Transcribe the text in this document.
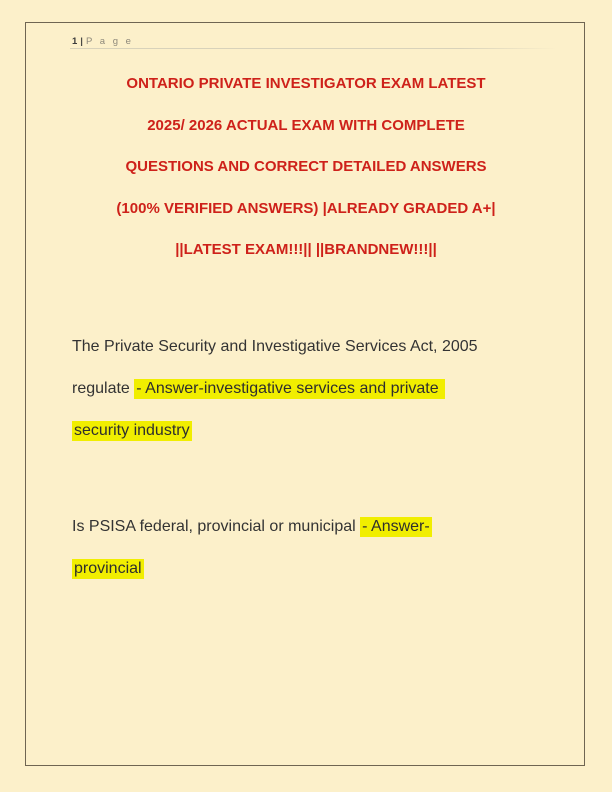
1 | P a g e
ONTARIO PRIVATE INVESTIGATOR EXAM LATEST
2025/ 2026 ACTUAL EXAM WITH COMPLETE
QUESTIONS AND CORRECT DETAILED ANSWERS
(100% VERIFIED ANSWERS) |ALREADY GRADED A+|
||LATEST EXAM!!!|| ||BRANDNEW!!!||
The Private Security and Investigative Services Act, 2005
regulate - Answer-investigative services and private
security industry
Is PSISA federal, provincial or municipal - Answer-
provincial
